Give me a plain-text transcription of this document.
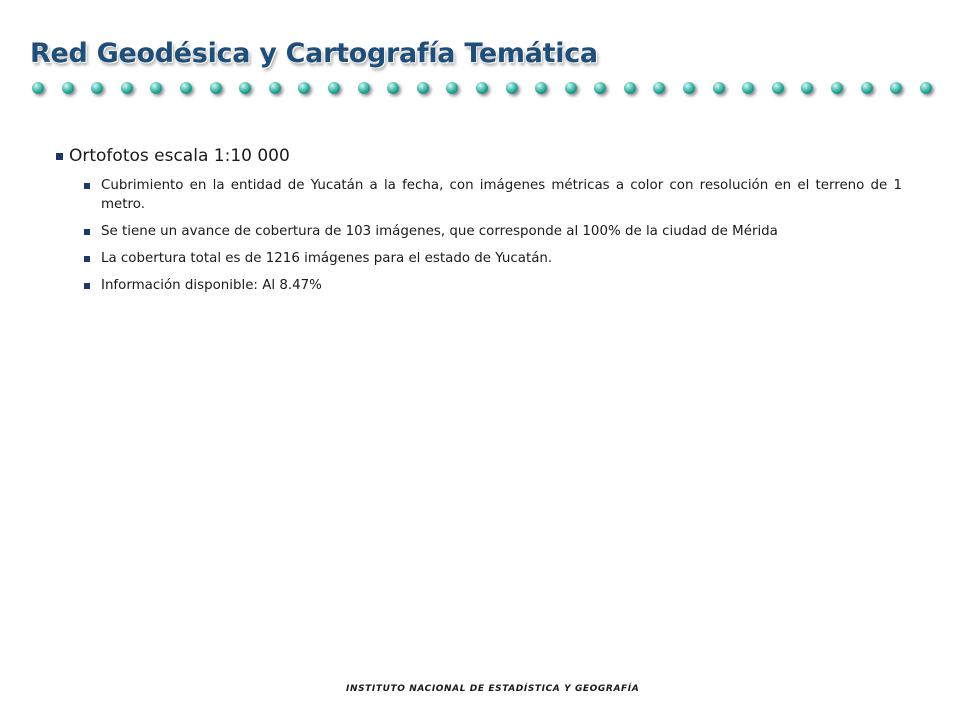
Red Geodésica y Cartografía Temática
Ortofotos escala 1:10 000
Cubrimiento en la entidad de Yucatán a la fecha, con imágenes métricas a color con resolución en el terreno de 1 metro.
Se tiene un avance de cobertura de 103 imágenes, que corresponde al 100% de la ciudad de Mérida
La cobertura total es de 1216 imágenes para el estado de Yucatán.
Información disponible: Al 8.47%
INSTITUTO NACIONAL DE ESTADÍSTICA Y GEOGRAFÍA
